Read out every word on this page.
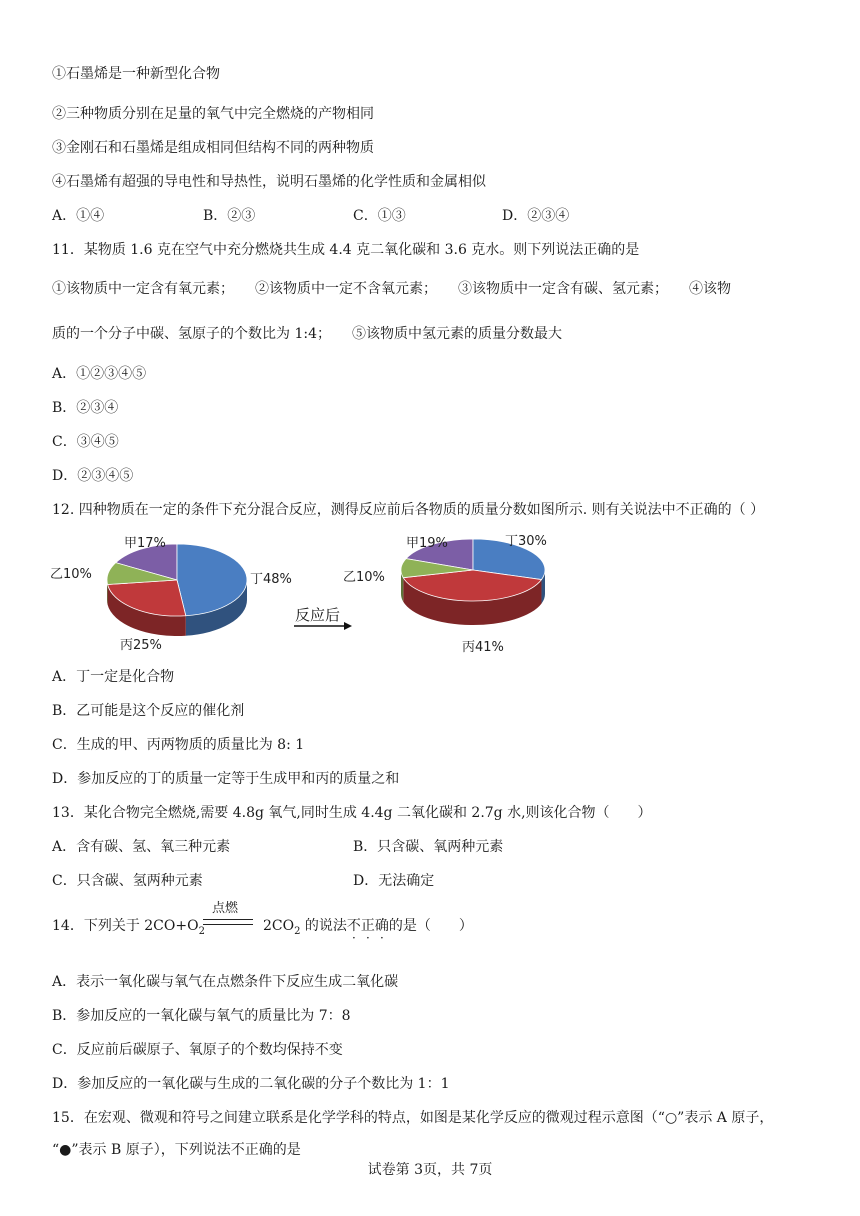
①石墨烯是一种新型化合物
②三种物质分别在足量的氧气中完全燃烧的产物相同
③金刚石和石墨烯是组成相同但结构不同的两种物质
④石墨烯有超强的导电性和导热性，说明石墨烯的化学性质和金属相似
A．①④	B．②③	C．①③	D．②③④
11．某物质 1.6 克在空气中充分燃烧共生成 4.4 克二氧化碳和 3.6 克水。则下列说法正确的是
①该物质中一定含有氧元素；　　②该物质中一定不含氧元素；　　③该物质中一定含有碳、氢元素；　　④该物
质的一个分子中碳、氢原子的个数比为 1:4；　　⑤该物质中氢元素的质量分数最大
A．①②③④⑤
B．②③④
C．③④⑤
D．②③④⑤
12. 四种物质在一定的条件下充分混合反应，测得反应前后各物质的质量分数如图所示. 则有关说法中不正确的（ ）
甲17%
乙10%
丙25%
丁48%
甲19%
乙10%
丙41%
丁30%
反应后
A．丁一定是化合物
B．乙可能是这个反应的催化剂
C．生成的甲、丙两物质的质量比为 8: 1
D．参加反应的丁的质量一定等于生成甲和丙的质量之和
13．某化合物完全燃烧,需要 4.8g 氧气,同时生成 4.4g 二氧化碳和 2.7g 水,则该化合物（　　）
A．含有碳、氢、氧三种元素	B．只含碳、氧两种元素
C．只含碳、氢两种元素	D．无法确定
14．下列关于 $2CO+O_2$	$2CO_2$ 的说法不正确的是（　　）
点燃
A．表示一氧化碳与氧气在点燃条件下反应生成二氧化碳
B．参加反应的一氧化碳与氧气的质量比为 7：8
C．反应前后碳原子、氧原子的个数均保持不变
D．参加反应的一氧化碳与生成的二氧化碳的分子个数比为 1：1
15．在宏观、微观和符号之间建立联系是化学学科的特点，如图是某化学反应的微观过程示意图（“○”表示 A 原子，
“●”表示 B 原子），下列说法不正确的是
试卷第 3页，共 7页
